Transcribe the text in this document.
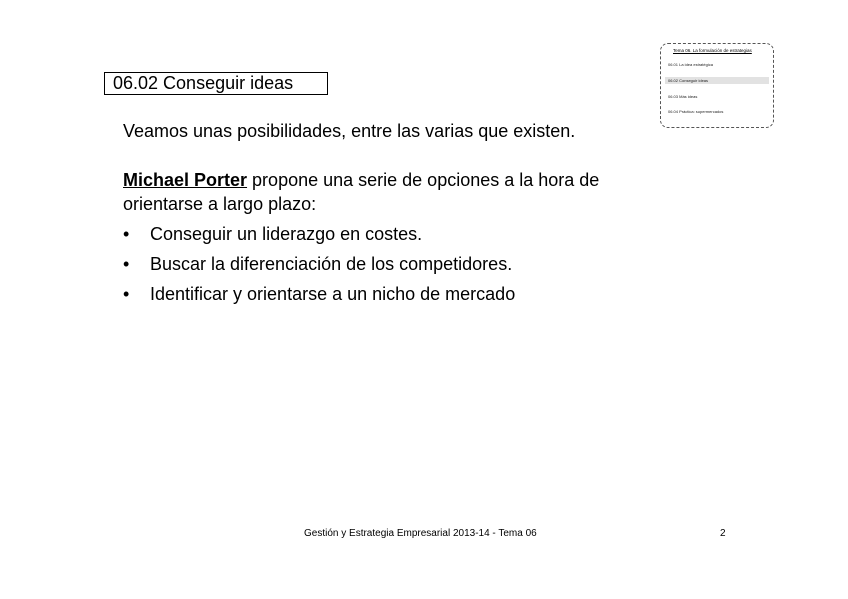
06.02 Conseguir ideas
Tema 06. La formulación de estrategias
06.01 La idea estratégica
06.02 Conseguir ideas
06.03 Más ideas
06.04 Práctica: supermercados
Veamos unas posibilidades, entre las varias que existen.
Michael Porter propone una serie de opciones a la hora de
orientarse a largo plazo:
•	Conseguir un liderazgo en costes.
•	Buscar la diferenciación de los competidores.
•	Identificar y orientarse a un nicho de mercado
Gestión y Estrategia Empresarial 2013-14 - Tema 06	2
